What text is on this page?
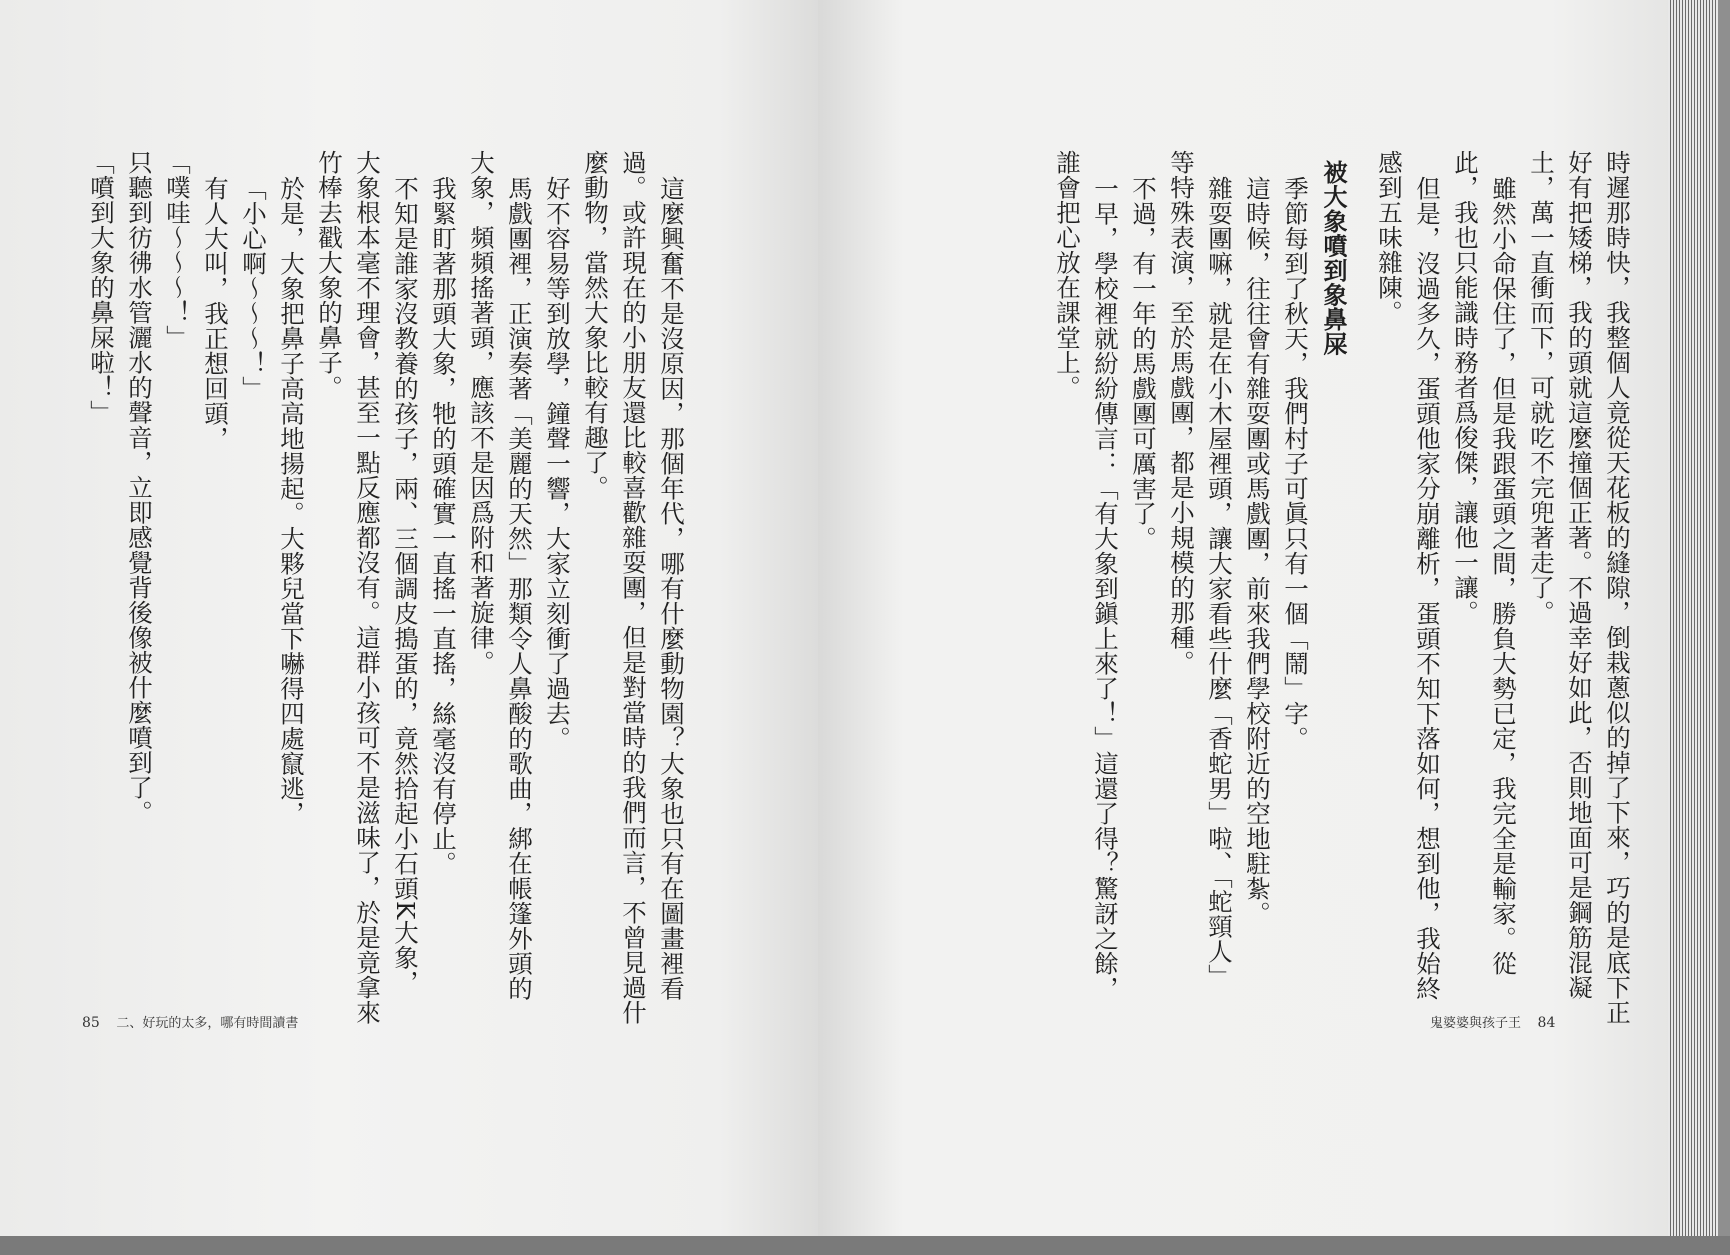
時遲那時快，我整個人竟從天花板的縫隙，倒栽蔥似的掉了下來，巧的是底下正
好有把矮梯，我的頭就這麼撞個正著。不過幸好如此，否則地面可是鋼筋混凝
土，萬一直衝而下，可就吃不完兜著走了。
雖然小命保住了，但是我跟蛋頭之間，勝負大勢已定，我完全是輸家。從
此，我也只能識時務者爲俊傑，讓他一讓。
但是，沒過多久，蛋頭他家分崩離析，蛋頭不知下落如何，想到他，我始終
感到五味雜陳。
被大象噴到象鼻屎
季節每到了秋天，我們村子可眞只有一個「鬧」字。
這時候，往往會有雜耍團或馬戲團，前來我們學校附近的空地駐紮。
雜耍團嘛，就是在小木屋裡頭，讓大家看些什麼「香蛇男」啦、「蛇頸人」
等特殊表演，至於馬戲團，都是小規模的那種。
不過，有一年的馬戲團可厲害了。
一早，學校裡就紛紛傳言：「有大象到鎭上來了！」這還了得？驚訝之餘，
誰會把心放在課堂上。
這麼興奮不是沒原因，那個年代，哪有什麼動物園？大象也只有在圖畫裡看
過。或許現在的小朋友還比較喜歡雜耍團，但是對當時的我們而言，不曾見過什
麼動物，當然大象比較有趣了。
好不容易等到放學，鐘聲一響，大家立刻衝了過去。
馬戲團裡，正演奏著「美麗的天然」那類令人鼻酸的歌曲，綁在帳篷外頭的
大象，頻頻搖著頭，應該不是因爲附和著旋律。
我緊盯著那頭大象，牠的頭確實一直搖一直搖，絲毫沒有停止。
不知是誰家沒教養的孩子，兩、三個調皮搗蛋的，竟然拾起小石頭K大象，
大象根本毫不理會，甚至一點反應都沒有。這群小孩可不是滋味了，於是竟拿來
竹棒去戳大象的鼻子。
於是，大象把鼻子高高地揚起。大夥兒當下嚇得四處竄逃，
「小心啊～～～！」
有人大叫，我正想回頭，
「噗哇～～～！」
只聽到彷彿水管灑水的聲音，立即感覺背後像被什麼噴到了。
「噴到大象的鼻屎啦！」
85 二、好玩的太多，哪有時間讀書	鬼婆婆與孩子王 84
